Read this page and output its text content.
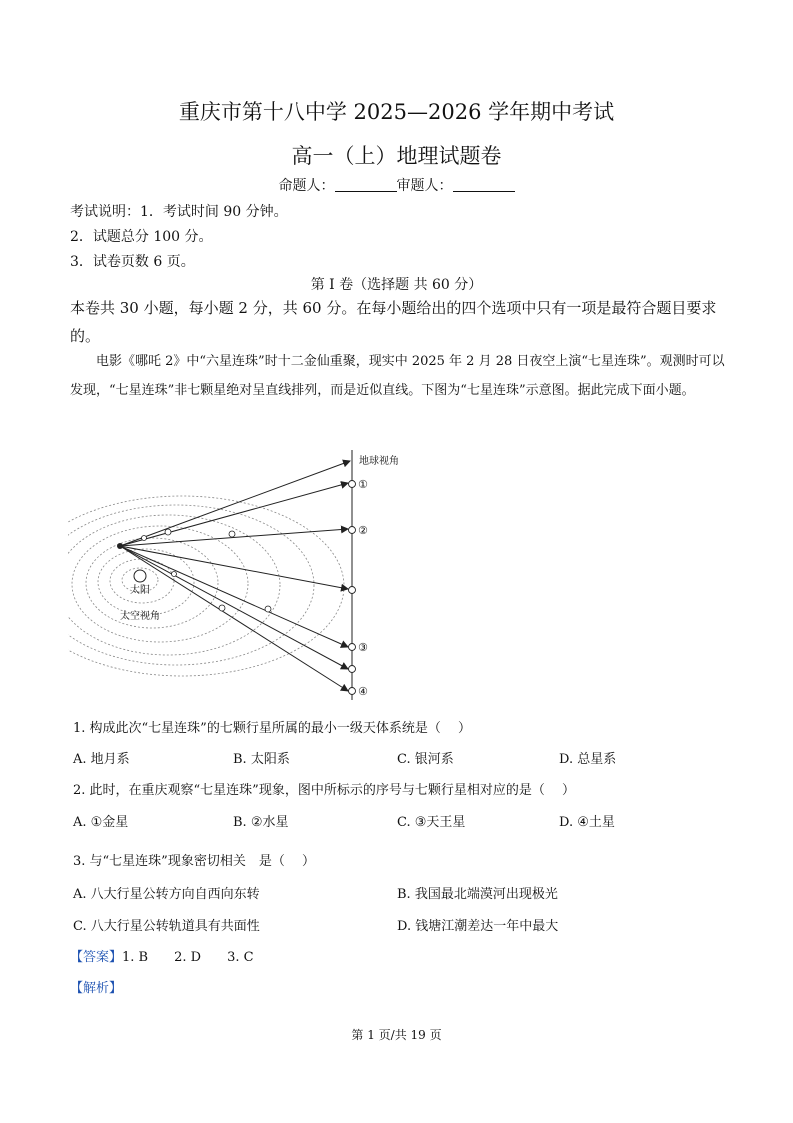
重庆市第十八中学 2025—2026 学年期中考试
高一（上）地理试题卷
命题人：	审题人：
考试说明：1．考试时间 90 分钟。
2．试题总分 100 分。
3．试卷页数 6 页。
第 I 卷（选择题 共 60 分）
本卷共 30 小题，每小题 2 分，共 60 分。在每小题给出的四个选项中只有一项是最符合题目要求的。
电影《哪吒 2》中“六星连珠”时十二金仙重聚，现实中 2025 年 2 月 28 日夜空上演“七星连珠”。观测时可以发现，“七星连珠”非七颗星绝对呈直线排列，而是近似直线。下图为“七星连珠”示意图。据此完成下面小题。
地球视角
①
②
③
④
太阳
太空视角
1. 构成此次“七星连珠”的七颗行星所属的最小一级天体系统是（　 ）
A. 地月系	B. 太阳系	C. 银河系	D. 总星系
2. 此时，在重庆观察“七星连珠”现象，图中所标示的序号与七颗行星相对应的是（　 ）
A. ①金星	B. ②水星	C. ③天王星	D. ④土星
3. 与“七星连珠”现象密切相关　是（　 ）
A. 八大行星公转方向自西向东转	B. 我国最北端漠河出现极光
C. 八大行星公转轨道具有共面性	D. 钱塘江潮差达一年中最大
【答案】1. B　　2. D　　3. C
【解析】
第 1 页/共 19 页
